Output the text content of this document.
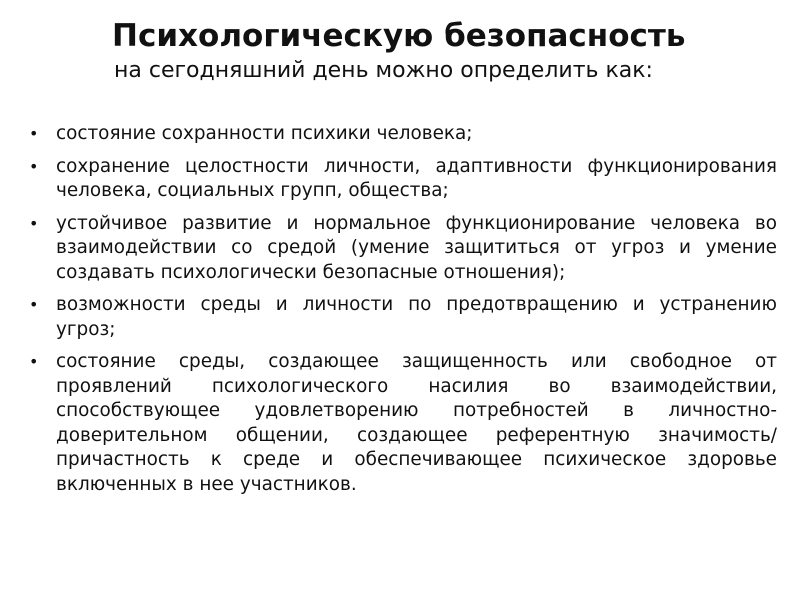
Психологическую безопасность
на сегодняшний день можно определить как:
• состояние сохранности психики человека;
• сохранение целостности личности, адаптивности функционирования человека, социальных групп, общества;
• устойчивое развитие и нормальное функционирование человека во взаимодействии со средой (умение защититься от угроз и умение создавать психологически безопасные отношения);
• возможности среды и личности по предотвращению и устранению угроз;
• состояние среды, создающее защищенность или свободное от проявлений психологического насилия во взаимодействии, способствующее удовлетворению потребностей в личностно-доверительном общении, создающее референтную значимость/причастность к среде и обеспечивающее психическое здоровье включенных в нее участников.
